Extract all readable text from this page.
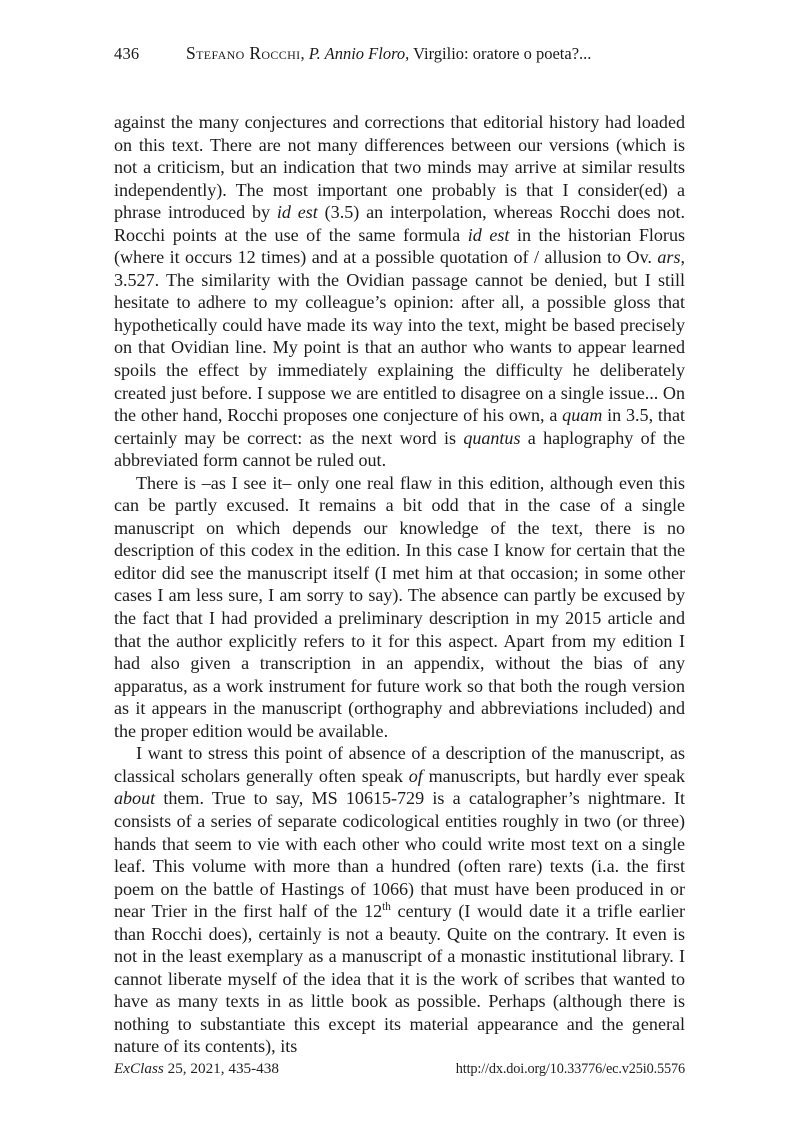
436	Stefano Rocchi, P. Annio Floro, Virgilio: oratore o poeta?...

against the many conjectures and corrections that editorial history had loaded on this text. There are not many differences between our versions (which is not a criticism, but an indication that two minds may arrive at similar results independently). The most important one probably is that I consider(ed) a phrase introduced by id est (3.5) an interpolation, whereas Rocchi does not. Rocchi points at the use of the same formula id est in the historian Florus (where it occurs 12 times) and at a possible quotation of / allusion to Ov. ars, 3.527. The similarity with the Ovidian passage cannot be denied, but I still hesitate to adhere to my colleague’s opinion: after all, a possible gloss that hypothetically could have made its way into the text, might be based precisely on that Ovidian line. My point is that an author who wants to appear learned spoils the effect by immediately explaining the difficulty he deliberately created just before. I suppose we are entitled to disagree on a single issue... On the other hand, Rocchi proposes one conjecture of his own, a quam in 3.5, that certainly may be correct: as the next word is quantus a haplography of the abbreviated form cannot be ruled out.

There is –as I see it– only one real flaw in this edition, although even this can be partly excused. It remains a bit odd that in the case of a single manuscript on which depends our knowledge of the text, there is no description of this codex in the edition. In this case I know for certain that the editor did see the manuscript itself (I met him at that occasion; in some other cases I am less sure, I am sorry to say). The absence can partly be excused by the fact that I had provided a preliminary description in my 2015 article and that the author explicitly refers to it for this aspect. Apart from my edition I had also given a transcription in an appendix, without the bias of any apparatus, as a work instrument for future work so that both the rough version as it appears in the manuscript (orthography and abbreviations included) and the proper edition would be available.

I want to stress this point of absence of a description of the manuscript, as classical scholars generally often speak of manuscripts, but hardly ever speak about them. True to say, MS 10615-729 is a catalographer’s nightmare. It consists of a series of separate codicological entities roughly in two (or three) hands that seem to vie with each other who could write most text on a single leaf. This volume with more than a hundred (often rare) texts (i.a. the first poem on the battle of Hastings of 1066) that must have been produced in or near Trier in the first half of the 12th century (I would date it a trifle earlier than Rocchi does), certainly is not a beauty. Quite on the contrary. It even is not in the least exemplary as a manuscript of a monastic institutional library. I cannot liberate myself of the idea that it is the work of scribes that wanted to have as many texts in as little book as possible. Perhaps (although there is nothing to substantiate this except its material appearance and the general nature of its contents), its

ExClass 25, 2021, 435-438	http://dx.doi.org/10.33776/ec.v25i0.5576
